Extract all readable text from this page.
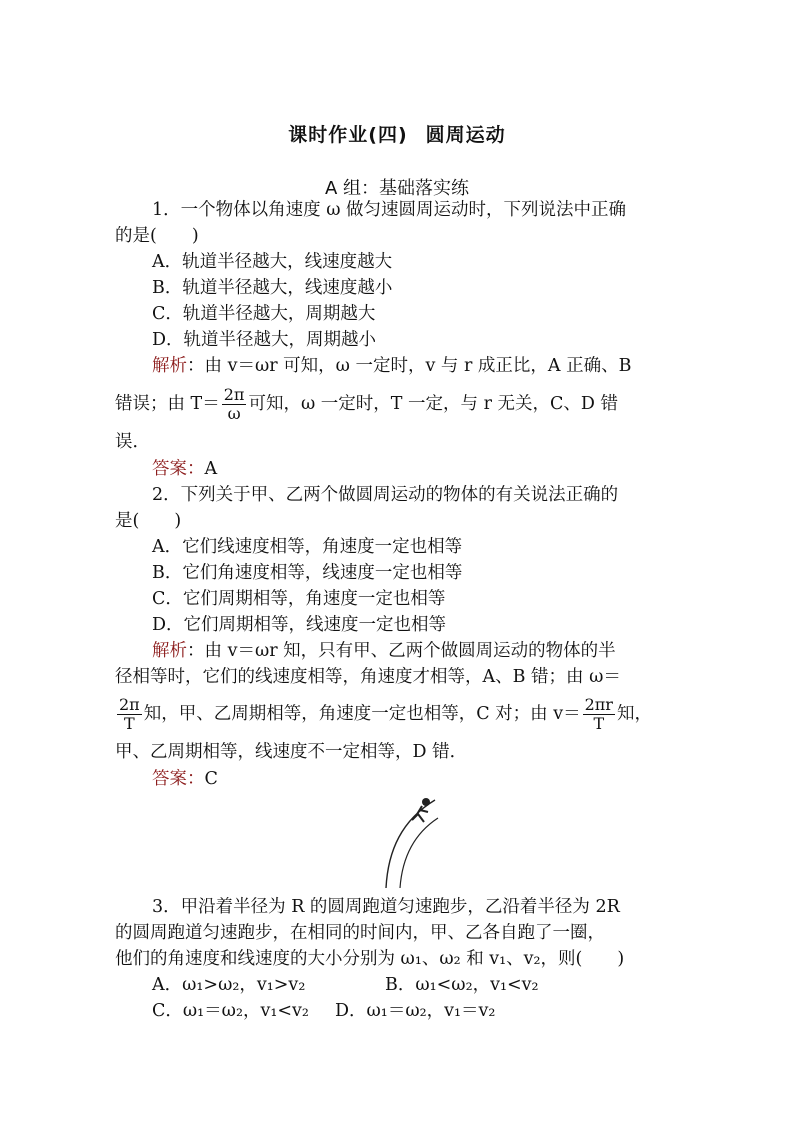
课时作业(四) 圆周运动
A 组：基础落实练
1．一个物体以角速度 ω 做匀速圆周运动时，下列说法中正确
的是(　　)
A．轨道半径越大，线速度越大
B．轨道半径越大，线速度越小
C．轨道半径越大，周期越大
D．轨道半径越大，周期越小
解析：由 v＝ωr 可知，ω 一定时，v 与 r 成正比，A 正确、B
错误；由 $T= \frac{2\pi}{\omega}$ 可知，ω 一定时，T 一定，与 r 无关，C、D 错
误．
答案：A
2．下列关于甲、乙两个做圆周运动的物体的有关说法正确的
是(　　)
A．它们线速度相等，角速度一定也相等
B．它们角速度相等，线速度一定也相等
C．它们周期相等，角速度一定也相等
D．它们周期相等，线速度一定也相等
解析：由 v＝ωr 知，只有甲、乙两个做圆周运动的物体的半
径相等时，它们的线速度相等，角速度才相等，A、B 错；由 ω＝
$\frac{2\pi}{T}$ 知，甲、乙周期相等，角速度一定也相等，C 对；由 $v= \frac{2\pi r}{T}$ 知，
甲、乙周期相等，线速度不一定相等，D 错．
答案：C
3．甲沿着半径为 R 的圆周跑道匀速跑步，乙沿着半径为 2R
的圆周跑道匀速跑步，在相同的时间内，甲、乙各自跑了一圈，
他们的角速度和线速度的大小分别为 ω₁、ω₂ 和 v₁、v₂，则(　　)
A．ω₁>ω₂，v₁>v₂	B．ω₁<ω₂，v₁<v₂
C．ω₁＝ω₂，v₁<v₂	D．ω₁＝ω₂，v₁＝v₂
